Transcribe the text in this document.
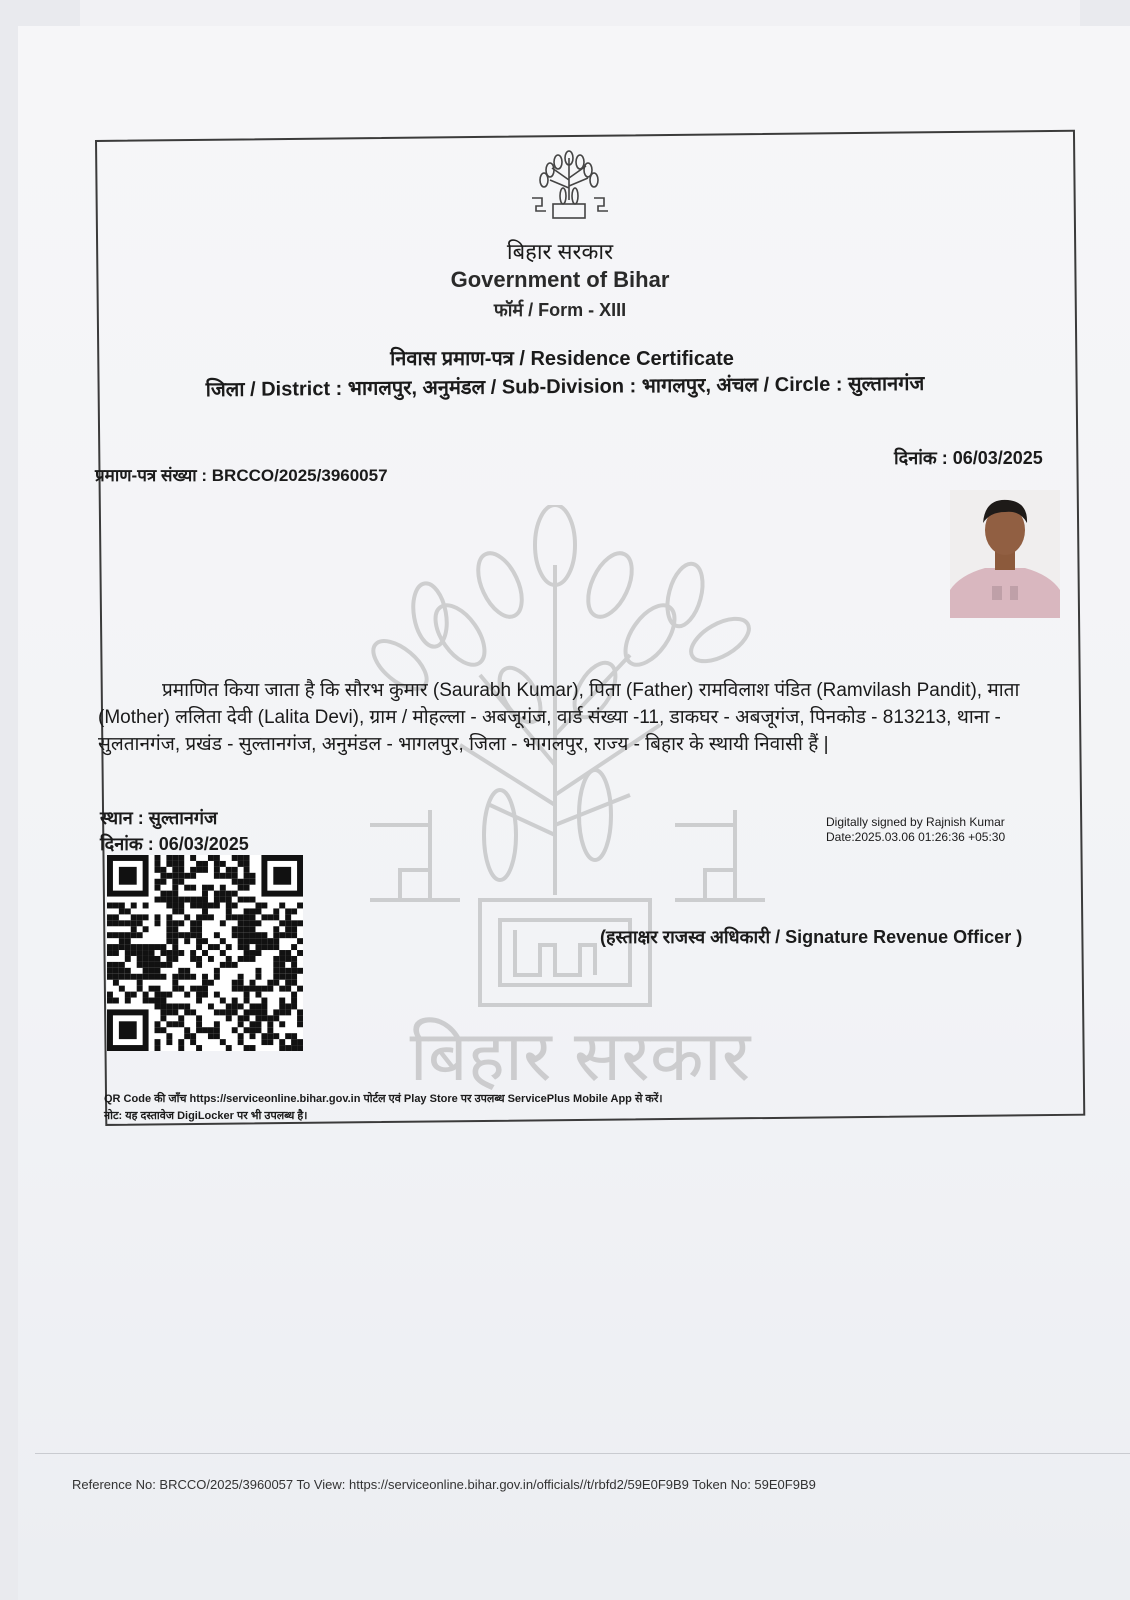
बिहार सरकार
बिहार सरकार
Government of Bihar
फॉर्म / Form - XIII
निवास प्रमाण-पत्र / Residence Certificate
जिला / District : भागलपुर, अनुमंडल / Sub-Division : भागलपुर, अंचल / Circle : सुल्तानगंज
प्रमाण-पत्र संख्या : BRCCO/2025/3960057
दिनांक : 06/03/2025

प्रमाणित किया जाता है कि सौरभ कुमार (Saurabh Kumar), पिता (Father) रामविलाश पंडित (Ramvilash Pandit), माता

(Mother) ललिता देवी (Lalita Devi), ग्राम / मोहल्ला - अबजूगंज, वार्ड संख्या -11, डाकघर - अबजूगंज, पिनकोड - 813213, थाना -

सुलतानगंज, प्रखंड - सुल्तानगंज, अनुमंडल - भागलपुर, जिला - भागलपुर, राज्य - बिहार के स्थायी निवासी हैं |

स्थान : सुल्तानगंज
दिनांक : 06/03/2025
Digitally signed by Rajnish Kumar
Date:2025.03.06 01:26:36 +05:30
(हस्ताक्षर राजस्व अधिकारी / Signature Revenue Officer )
QR Code की जाँच https://serviceonline.bihar.gov.in पोर्टल एवं Play Store पर उपलब्ध ServicePlus Mobile App से करें।
नोट: यह दस्तावेज DigiLocker पर भी उपलब्ध है।
Reference No: BRCCO/2025/3960057 To View: https://serviceonline.bihar.gov.in/officials//t/rbfd2/59E0F9B9 Token No: 59E0F9B9
